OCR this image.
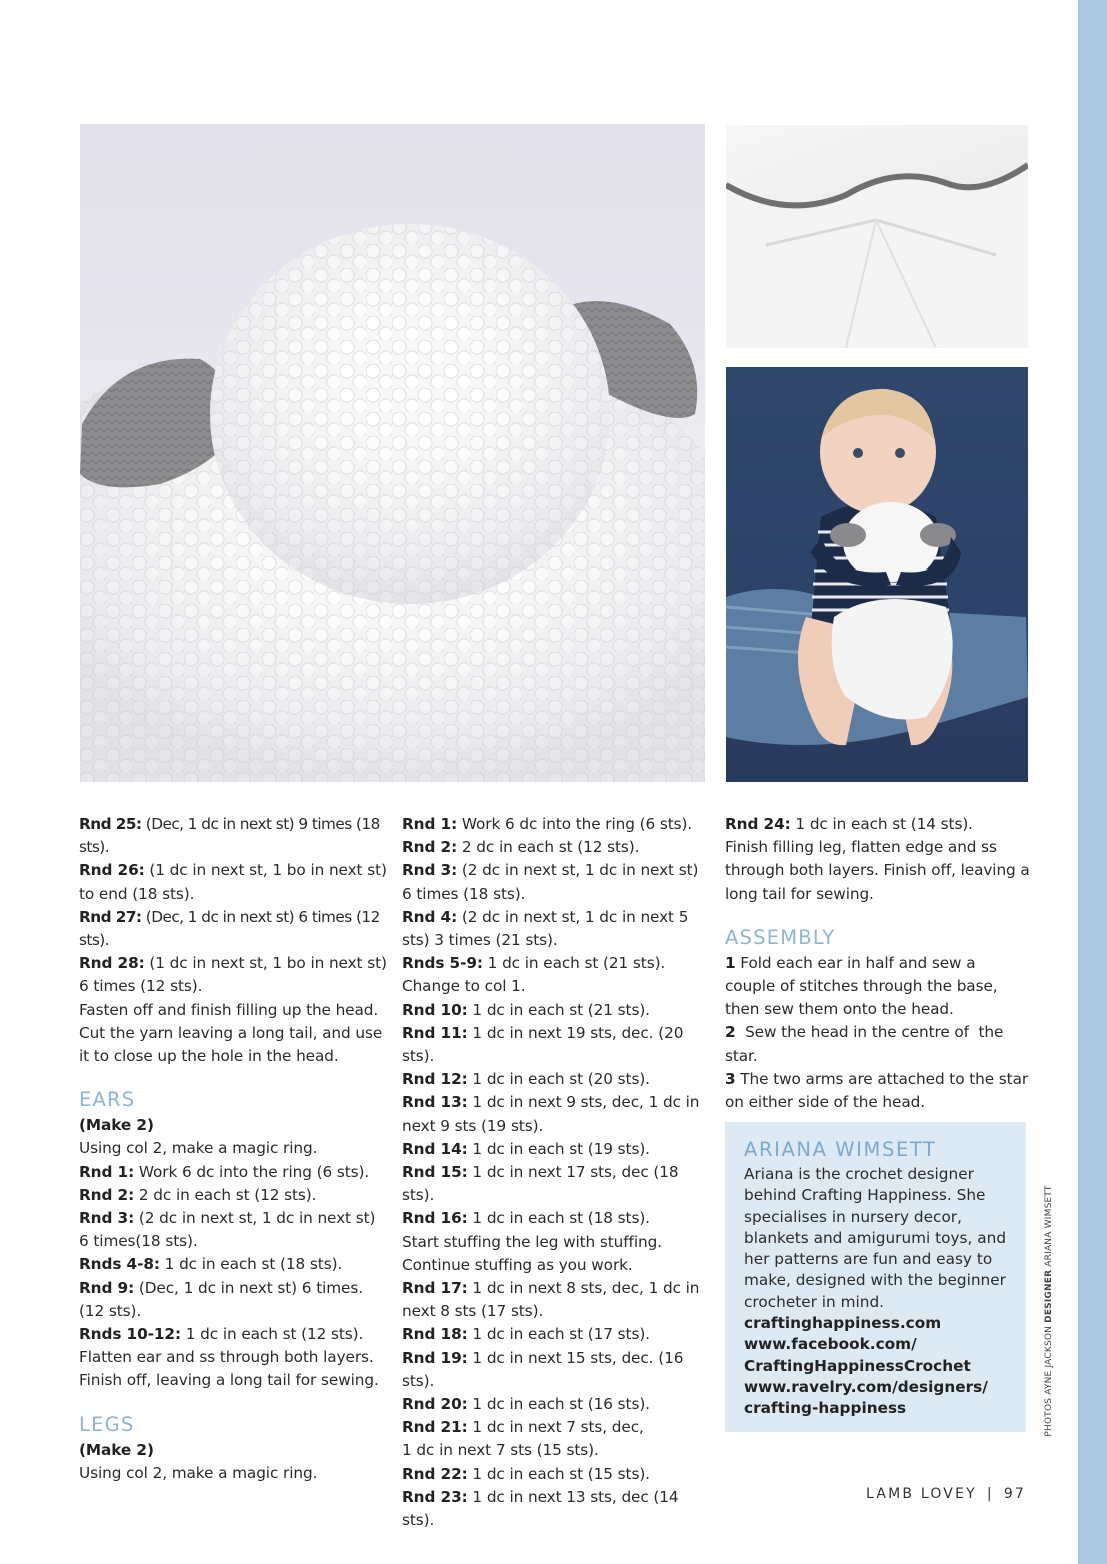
Rnd 25: (Dec, 1 dc in next st) 9 times (18 sts).

Rnd 26: (1 dc in next st, 1 bo in next st) to end (18 sts).

Rnd 27: (Dec, 1 dc in next st) 6 times (12 sts).

Rnd 28: (1 dc in next st, 1 bo in next st) 6 times (12 sts).

Fasten off and finish filling up the head. Cut the yarn leaving a long tail, and use it to close up the hole in the head.

EARS

(Make 2)

Using col 2, make a magic ring.

Rnd 1: Work 6 dc into the ring (6 sts).

Rnd 2: 2 dc in each st (12 sts).

Rnd 3: (2 dc in next st, 1 dc in next st) 6 times(18 sts).

Rnds 4-8: 1 dc in each st (18 sts).

Rnd 9: (Dec, 1 dc in next st) 6 times. (12 sts).

Rnds 10-12: 1 dc in each st (12 sts).

Flatten ear and ss through both layers. Finish off, leaving a long tail for sewing.

LEGS

(Make 2)

Using col 2, make a magic ring.

Rnd 1: Work 6 dc into the ring (6 sts).

Rnd 2: 2 dc in each st (12 sts).

Rnd 3: (2 dc in next st, 1 dc in next st) 6 times (18 sts).

Rnd 4: (2 dc in next st, 1 dc in next 5 sts) 3 times (21 sts).

Rnds 5-9: 1 dc in each st (21 sts).

Change to col 1.

Rnd 10: 1 dc in each st (21 sts).

Rnd 11: 1 dc in next 19 sts, dec. (20 sts).

Rnd 12: 1 dc in each st (20 sts).

Rnd 13: 1 dc in next 9 sts, dec, 1 dc in next 9 sts (19 sts).

Rnd 14: 1 dc in each st (19 sts).

Rnd 15: 1 dc in next 17 sts, dec (18 sts).

Rnd 16: 1 dc in each st (18 sts).

Start stuffing the leg with stuffing. Continue stuffing as you work.

Rnd 17: 1 dc in next 8 sts, dec, 1 dc in next 8 sts (17 sts).

Rnd 18: 1 dc in each st (17 sts).

Rnd 19: 1 dc in next 15 sts, dec. (16 sts).

Rnd 20: 1 dc in each st (16 sts).

Rnd 21: 1 dc in next 7 sts, dec,

1 dc in next 7 sts (15 sts).

Rnd 22: 1 dc in each st (15 sts).

Rnd 23: 1 dc in next 13 sts, dec (14 sts).

Rnd 24: 1 dc in each st (14 sts).

Finish filling leg, flatten edge and ss through both layers. Finish off, leaving a long tail for sewing.

ASSEMBLY

1 Fold each ear in half and sew a couple of stitches through the base, then sew them onto the head.

2  Sew the head in the centre of  the star.

3 The two arms are attached to the star on either side of the head.

ARIANA WIMSETT

Ariana is the crochet designer behind Crafting Happiness. She specialises in nursery decor, blankets and amigurumi toys, and her patterns are fun and easy to make, designed with the beginner crocheter in mind.

craftinghappiness.com

www.facebook.com/

CraftingHappinessCrochet

www.ravelry.com/designers/

crafting-happiness	PHOTOS AYNE JACKSON DESIGNER ARIANA WIMSETT
LAMB LOVEY | 97
